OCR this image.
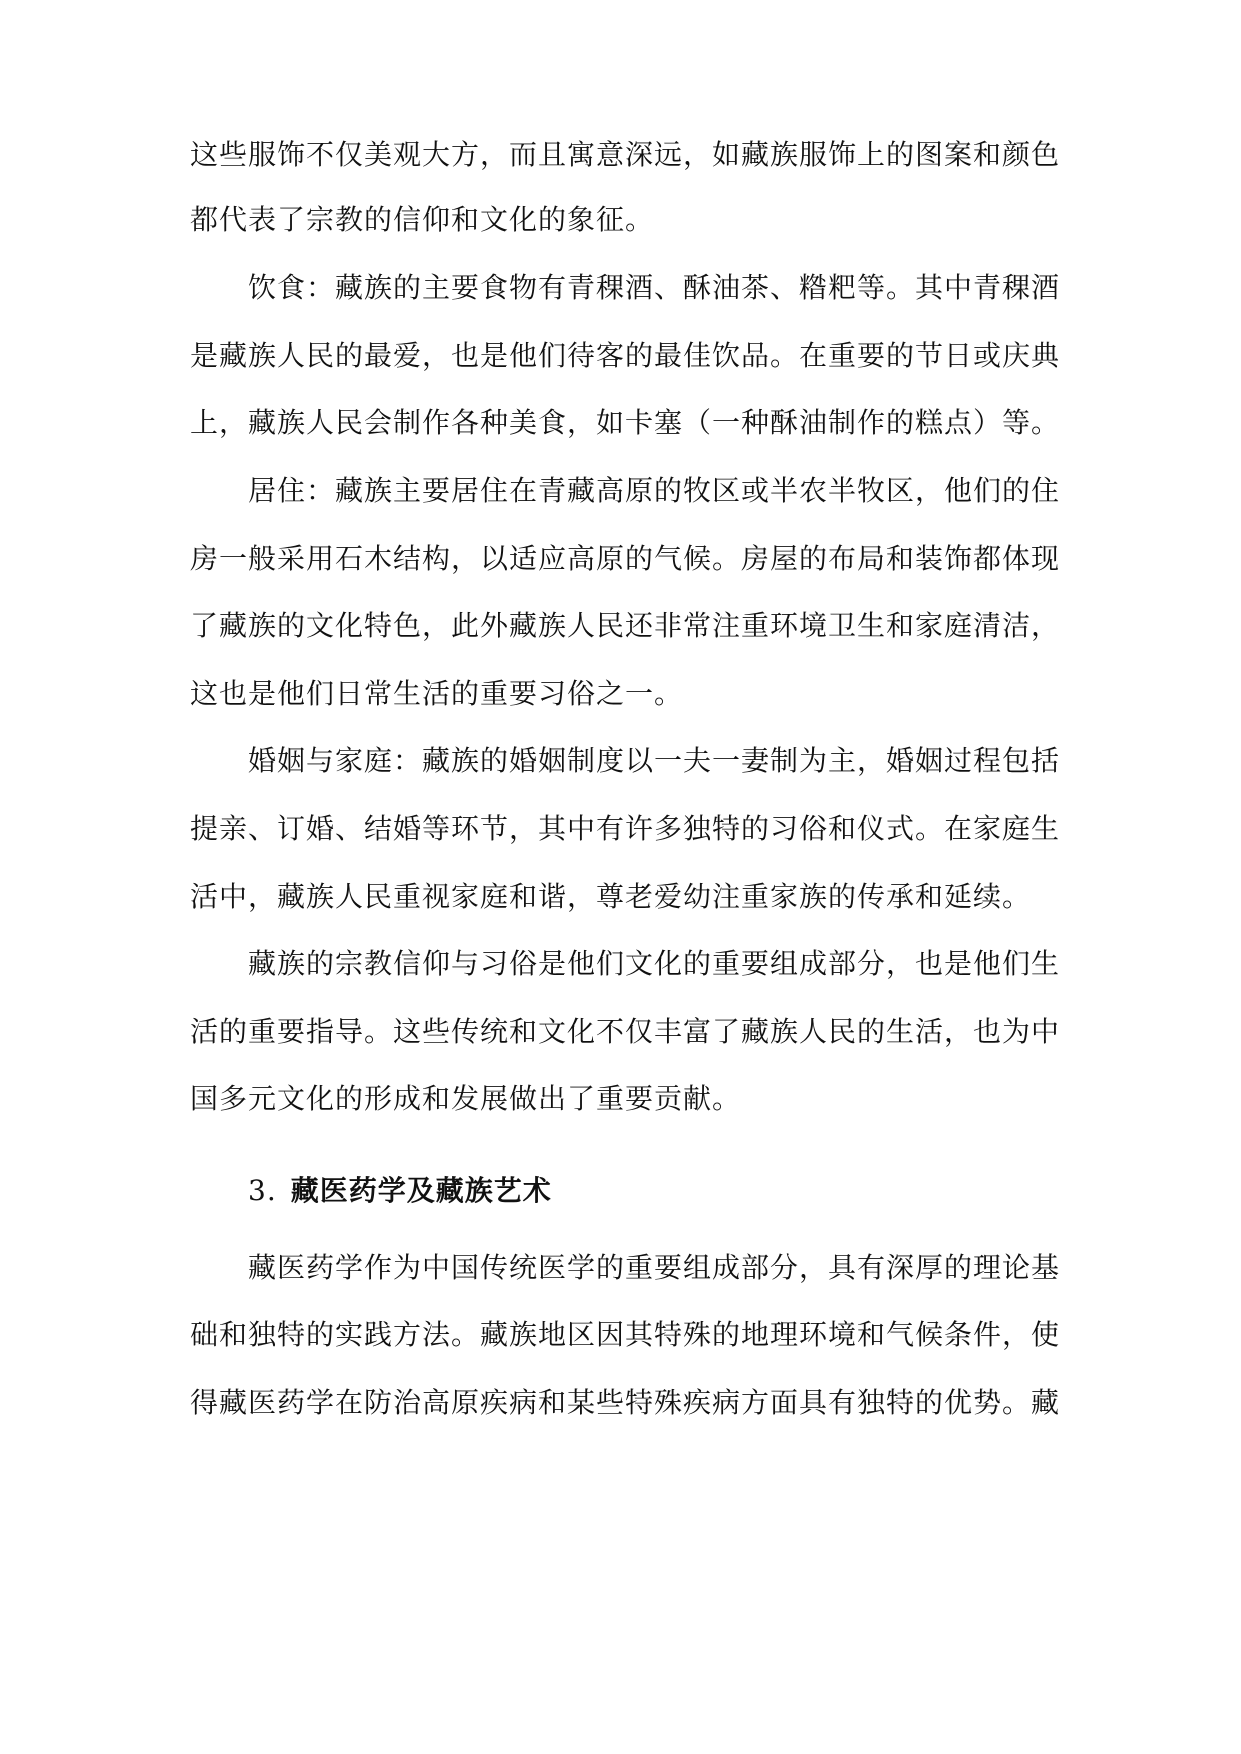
这些服饰不仅美观大方，而且寓意深远，如藏族服饰上的图案和颜色
都代表了宗教的信仰和文化的象征。
饮食：藏族的主要食物有青稞酒、酥油茶、糌粑等。其中青稞酒
是藏族人民的最爱，也是他们待客的最佳饮品。在重要的节日或庆典
上，藏族人民会制作各种美食，如卡塞（一种酥油制作的糕点）等。
居住：藏族主要居住在青藏高原的牧区或半农半牧区，他们的住
房一般采用石木结构，以适应高原的气候。房屋的布局和装饰都体现
了藏族的文化特色，此外藏族人民还非常注重环境卫生和家庭清洁，
这也是他们日常生活的重要习俗之一。
婚姻与家庭：藏族的婚姻制度以一夫一妻制为主，婚姻过程包括
提亲、订婚、结婚等环节，其中有许多独特的习俗和仪式。在家庭生
活中，藏族人民重视家庭和谐，尊老爱幼注重家族的传承和延续。
藏族的宗教信仰与习俗是他们文化的重要组成部分，也是他们生
活的重要指导。这些传统和文化不仅丰富了藏族人民的生活，也为中
国多元文化的形成和发展做出了重要贡献。
3. 藏医药学及藏族艺术
藏医药学作为中国传统医学的重要组成部分，具有深厚的理论基
础和独特的实践方法。藏族地区因其特殊的地理环境和气候条件，使
得藏医药学在防治高原疾病和某些特殊疾病方面具有独特的优势。藏
